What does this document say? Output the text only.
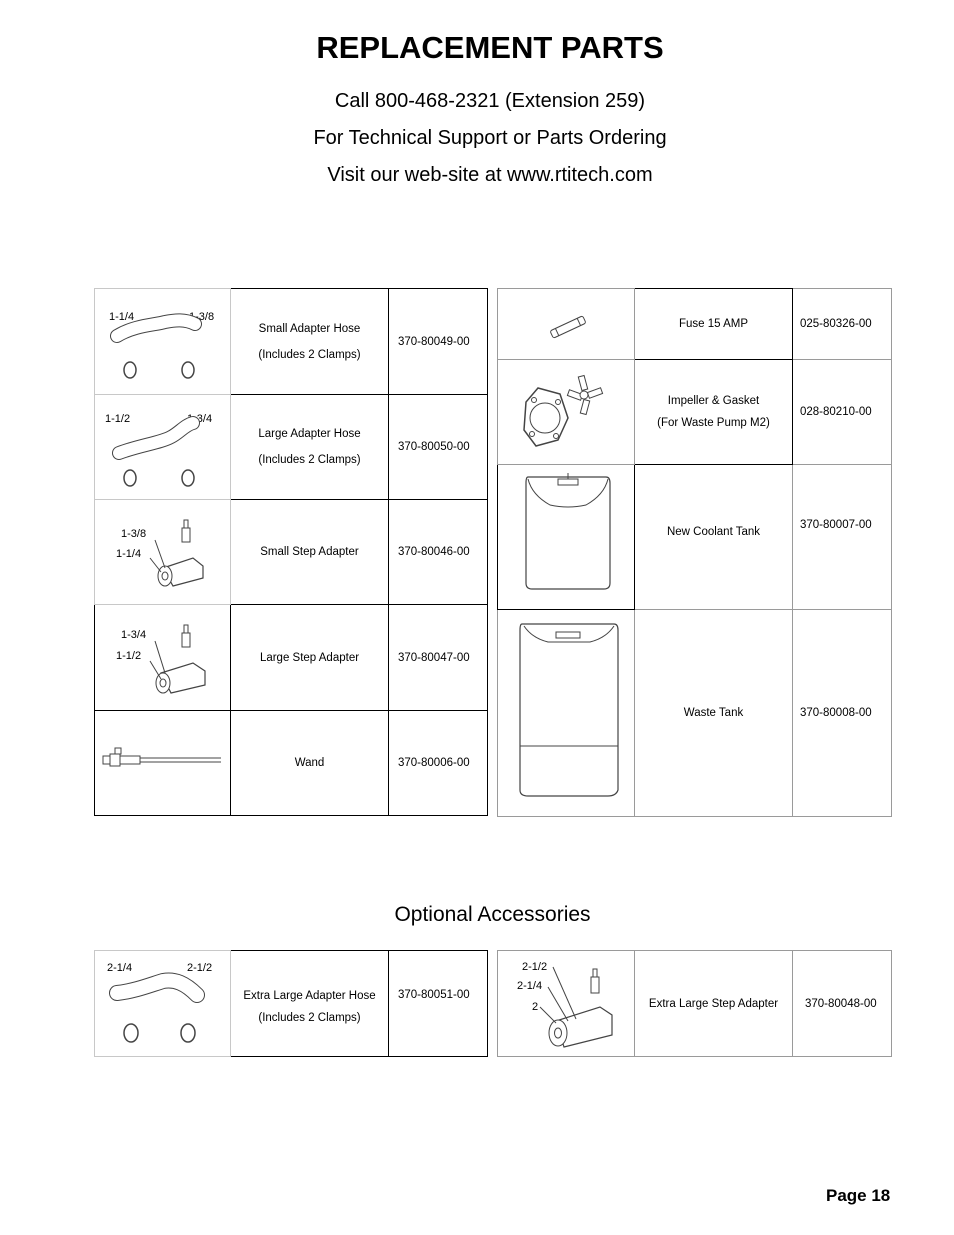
REPLACEMENT PARTS
Call 800-468-2321 (Extension 259)
For Technical Support or Parts Ordering
Visit our web-site at www.rtitech.com
1-1/4 1-3/8	Small Adapter Hose
(Includes 2 Clamps)	370-80049-00

1-1/2 1-3/4	Large Adapter Hose
(Includes 2 Clamps)	370-80050-00

1-3/8
1-1/4	Small Step Adapter	370-80046-00

1-3/4
1-1/2	Large Step Adapter	370-80047-00

Wand	370-80006-00

Fuse 15 AMP	025-80326-00

Impeller & Gasket
(For Waste Pump M2)	028-80210-00

New Coolant Tank	370-80007-00

Waste Tank	370-80008-00
Optional Accessories
2-1/4	2-1/2

Extra Large Adapter Hose
(Includes 2 Clamps)
	370-80051-00
2-1/2
2-1/4
2	Extra Large Step Adapter	370-80048-00
Page 18
